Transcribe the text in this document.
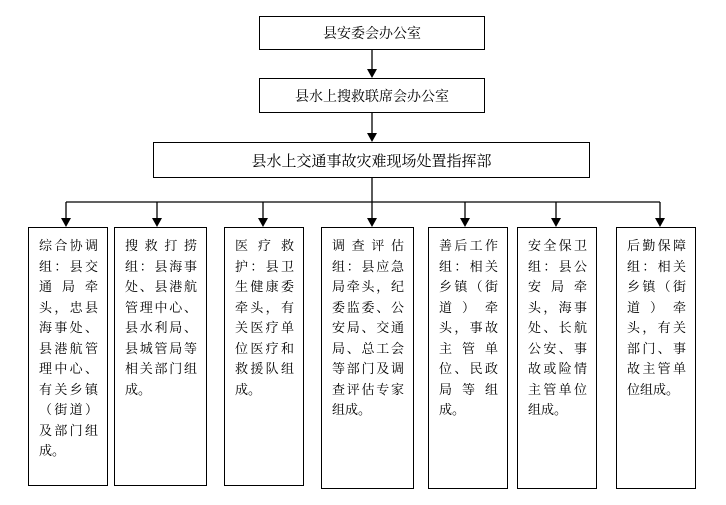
县安委会办公室
县水上搜救联席会办公室
县水上交通事故灾难现场处置指挥部
综合协调组：县交通局牵头，忠县海事处、县港航管理中心、有关乡镇（街道）及部门组成。
搜救打捞组：县海事处、县港航管理中心、县水利局、县城管局等相关部门组成。
医疗救护：县卫生健康委牵头，有关医疗单位医疗和救援队组成。
调查评估组：县应急局牵头，纪委监委、公安局、交通局、总工会等部门及调查评估专家组成。
善后工作组：相关乡镇（街道）牵头，事故主管单位、民政局等组成。
安全保卫组：县公安局牵头，海事处、长航公安、事故或险情主管单位组成。
后勤保障组：相关乡镇（街道）牵头，有关部门、事故主管单位组成。
